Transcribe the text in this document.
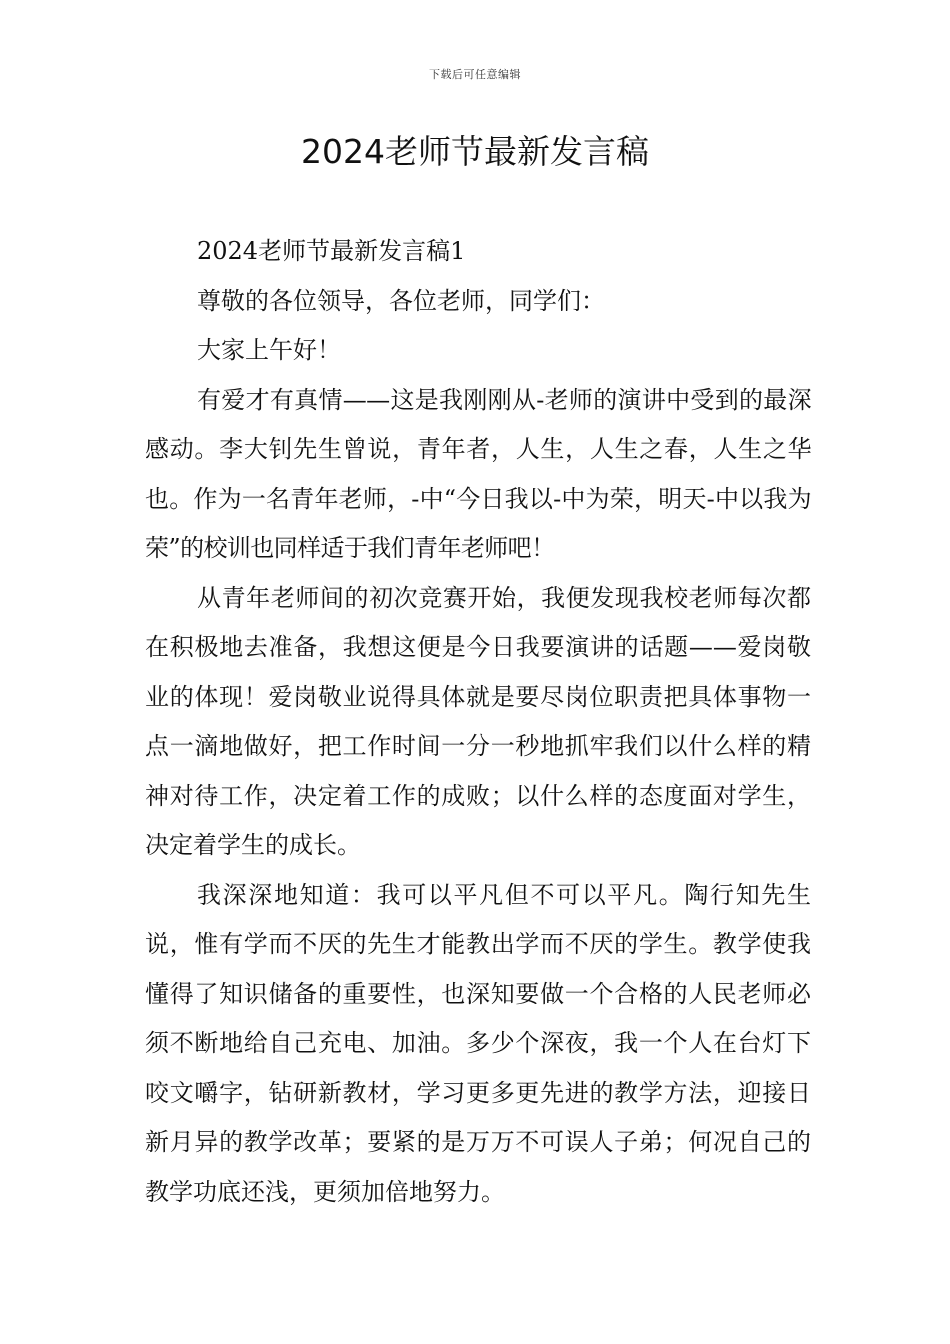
下载后可任意编辑
2024老师节最新发言稿

2024老师节最新发言稿1

尊敬的各位领导，各位老师，同学们：

大家上午好！

有爱才有真情——这是我刚刚从-老师的演讲中受到的最深感动。李大钊先生曾说，青年者，人生，人生之春，人生之华也。作为一名青年老师，-中“今日我以-中为荣，明天-中以我为荣”的校训也同样适于我们青年老师吧！

从青年老师间的初次竞赛开始，我便发现我校老师每次都在积极地去准备，我想这便是今日我要演讲的话题——爱岗敬业的体现！爱岗敬业说得具体就是要尽岗位职责把具体事物一点一滴地做好，把工作时间一分一秒地抓牢我们以什么样的精神对待工作，决定着工作的成败；以什么样的态度面对学生，决定着学生的成长。

我深深地知道：我可以平凡但不可以平凡。陶行知先生说，惟有学而不厌的先生才能教出学而不厌的学生。教学使我懂得了知识储备的重要性，也深知要做一个合格的人民老师必须不断地给自己充电、加油。多少个深夜，我一个人在台灯下咬文嚼字，钻研新教材，学习更多更先进的教学方法，迎接日新月异的教学改革；要紧的是万万不可误人子弟；何况自己的教学功底还浅，更须加倍地努力。
